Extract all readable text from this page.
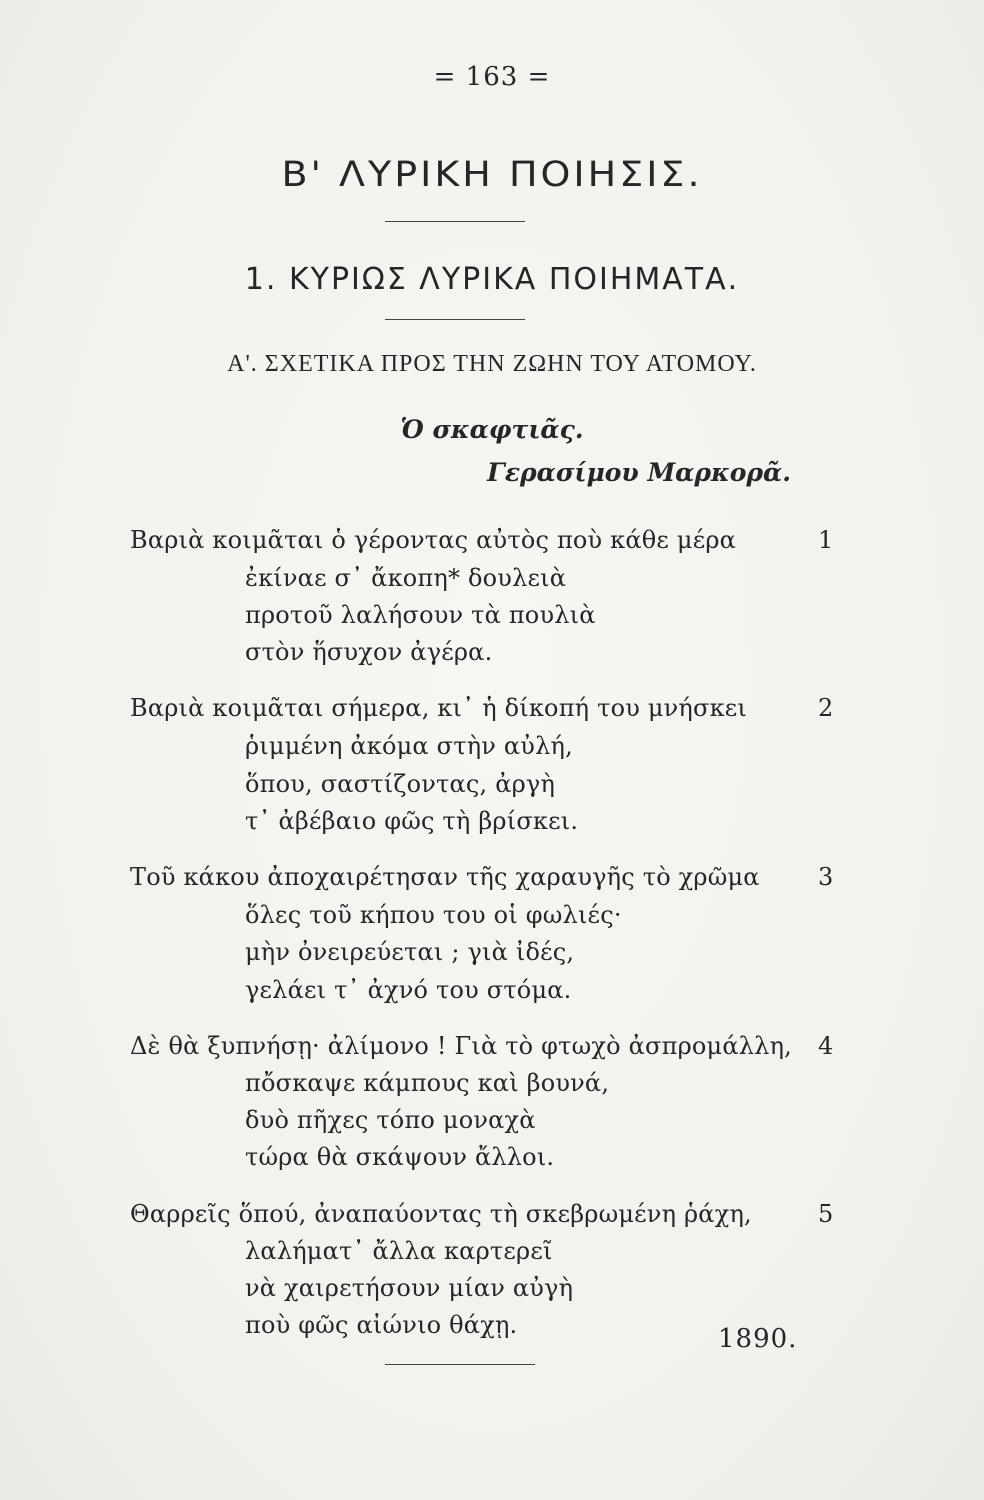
= 163 =
Β' ΛΥΡΙΚΗ ΠΟΙΗΣΙΣ.
1. ΚΥΡΙΩΣ ΛΥΡΙΚΑ ΠΟΙΗΜΑΤΑ.
Α'. ΣΧΕΤΙΚΑ ΠΡΟΣ ΤΗΝ ΖΩΗΝ ΤΟΥ ΑΤΟΜΟΥ.
Ὁ σκαφτιᾶς.
Γερασίμου Μαρκορᾶ.
Βαριὰ κοιμᾶται ὁ γέροντας αὐτὸς ποὺ κάθε μέρα	1
ἐκίναε σ᾿ ἄκοπη* δουλειὰ
προτοῦ λαλήσουν τὰ πουλιὰ
στὸν ἥσυχον ἀγέρα.
Βαριὰ κοιμᾶται σήμερα, κι᾿ ἡ δίκοπή του μνήσκει	2
ῥιμμένη ἀκόμα στὴν αὐλή,
ὅπου, σαστίζοντας, ἀργὴ
τ᾿ ἀβέβαιο φῶς τὴ βρίσκει.
Τοῦ κάκου ἀποχαιρέτησαν τῆς χαραυγῆς τὸ χρῶμα 3
ὅλες τοῦ κήπου του οἱ φωλιές·
μὴν ὀνειρεύεται ; γιὰ ἰδές,
γελάει τ᾿ ἀχνό του στόμα.
Δὲ θὰ ξυπνήσῃ· ἀλίμονο ! Γιὰ τὸ φτωχὸ ἀσπρομάλλη, 4
πὄσκαψε κάμπους καὶ βουνά,
δυὸ πῆχες τόπο μοναχὰ
τώρα θὰ σκάψουν ἄλλοι.
Θαρρεῖς ὅπού, ἀναπαύοντας τὴ σκεβρωμένη ῥάχη,	5
λαλήματ᾿ ἄλλα καρτερεῖ
νὰ χαιρετήσουν μίαν αὐγὴ
ποὺ φῶς αἰώνιο θάχῃ.	1890.
